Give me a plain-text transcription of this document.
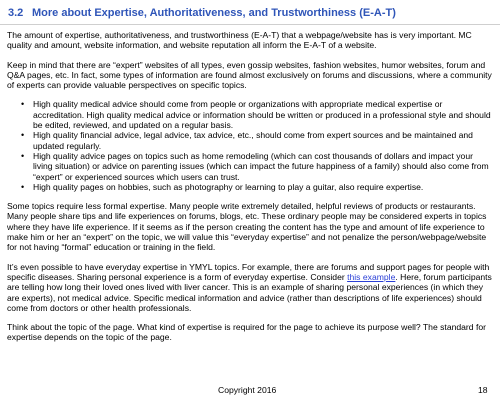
3.2 More about Expertise, Authoritativeness, and Trustworthiness (E-A-T)

The amount of expertise, authoritativeness, and trustworthiness (E-A-T) that a webpage/website has is very important. MC quality and amount, website information, and website reputation all inform the E-A-T of a website.

Keep in mind that there are “expert” websites of all types, even gossip websites, fashion websites, humor websites, forum and Q&A pages, etc. In fact, some types of information are found almost exclusively on forums and discussions, where a community of experts can provide valuable perspectives on specific topics.

• High quality medical advice should come from people or organizations with appropriate medical expertise or accreditation. High quality medical advice or information should be written or produced in a professional style and should be edited, reviewed, and updated on a regular basis.
• High quality financial advice, legal advice, tax advice, etc., should come from expert sources and be maintained and updated regularly.
• High quality advice pages on topics such as home remodeling (which can cost thousands of dollars and impact your living situation) or advice on parenting issues (which can impact the future happiness of a family) should also come from “expert” or experienced sources which users can trust.
• High quality pages on hobbies, such as photography or learning to play a guitar, also require expertise.

Some topics require less formal expertise. Many people write extremely detailed, helpful reviews of products or restaurants. Many people share tips and life experiences on forums, blogs, etc. These ordinary people may be considered experts in topics where they have life experience. If it seems as if the person creating the content has the type and amount of life experience to make him or her an “expert” on the topic, we will value this “everyday expertise” and not penalize the person/webpage/website for not having “formal” education or training in the field.

It’s even possible to have everyday expertise in YMYL topics. For example, there are forums and support pages for people with specific diseases. Sharing personal experience is a form of everyday expertise. Consider this example. Here, forum participants are telling how long their loved ones lived with liver cancer. This is an example of sharing personal experiences (in which they are experts), not medical advice. Specific medical information and advice (rather than descriptions of life experiences) should come from doctors or other health professionals.

Think about the topic of the page. What kind of expertise is required for the page to achieve its purpose well? The standard for expertise depends on the topic of the page.

Copyright 2016	18
